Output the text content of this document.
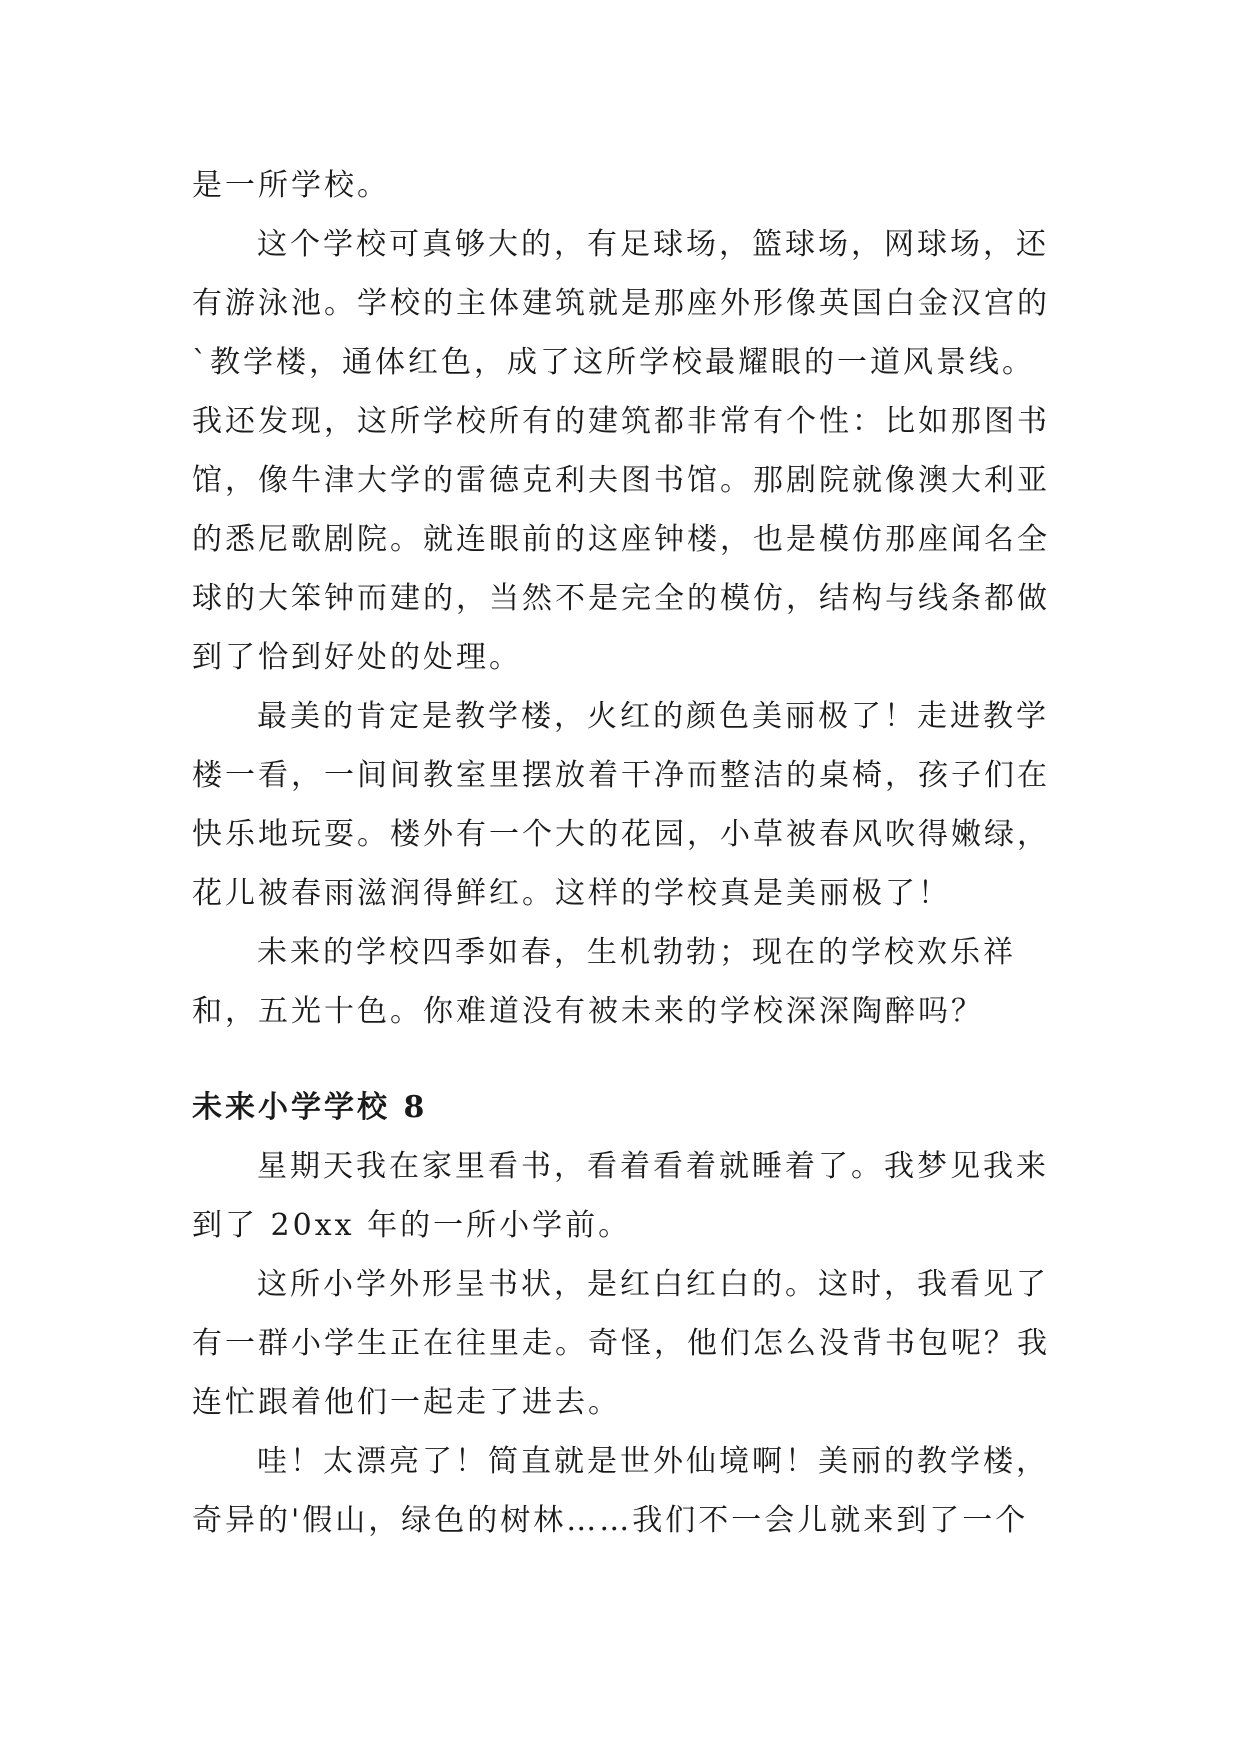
是一所学校。

这个学校可真够大的，有足球场，篮球场，网球场，还有游泳池。学校的主体建筑就是那座外形像英国白金汉宫的`教学楼，通体红色，成了这所学校最耀眼的一道风景线。我还发现，这所学校所有的建筑都非常有个性：比如那图书馆，像牛津大学的雷德克利夫图书馆。那剧院就像澳大利亚的悉尼歌剧院。就连眼前的这座钟楼，也是模仿那座闻名全球的大笨钟而建的，当然不是完全的模仿，结构与线条都做到了恰到好处的处理。

最美的肯定是教学楼，火红的颜色美丽极了！走进教学楼一看，一间间教室里摆放着干净而整洁的桌椅，孩子们在快乐地玩耍。楼外有一个大的花园，小草被春风吹得嫩绿，花儿被春雨滋润得鲜红。这样的学校真是美丽极了！

未来的学校四季如春，生机勃勃；现在的学校欢乐祥和，五光十色。你难道没有被未来的学校深深陶醉吗？

未来小学学校 8

星期天我在家里看书，看着看着就睡着了。我梦见我来到了 20xx 年的一所小学前。

这所小学外形呈书状，是红白红白的。这时，我看见了有一群小学生正在往里走。奇怪，他们怎么没背书包呢？我连忙跟着他们一起走了进去。

哇！太漂亮了！简直就是世外仙境啊！美丽的教学楼，奇异的'假山，绿色的树林……我们不一会儿就来到了一个
